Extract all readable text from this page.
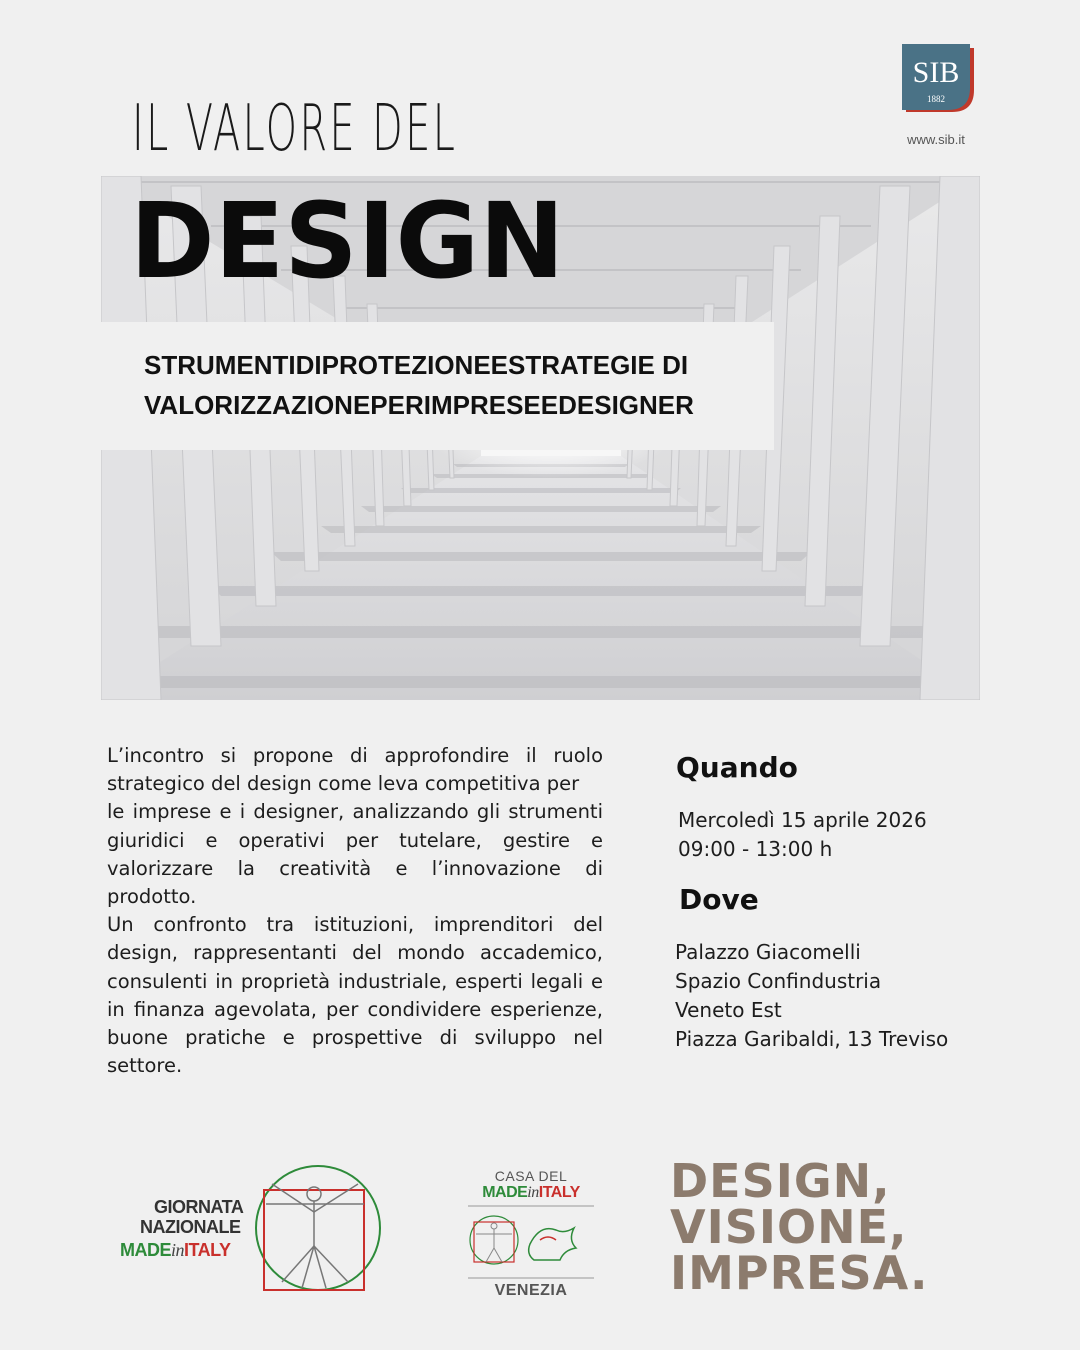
IL VALORE DEL
SIB
1882
www.sib.it
DESIGN

STRUMENTIDIPROTEZIONEESTRATEGIE DI

VALORIZZAZIONEPERIMPRESEEDESIGNER

L’incontro si propone di approfondire il ruolo strategico del design come leva competitiva per

le imprese e i designer, analizzando gli strumenti giuridici e operativi per tutelare, gestire e valorizzare la creatività e l’innovazione di prodotto.

Un confronto tra istituzioni, imprenditori del design, rappresentanti del mondo accademico, consulenti in proprietà industriale, esperti legali e in finanza agevolata, per condividere esperienze, buone pratiche e prospettive di sviluppo nel settore.

Quando

Mercoledì 15 aprile 2026

09:00 - 13:00 h

Dove

Palazzo Giacomelli

Spazio Confindustria

Veneto Est

Piazza Garibaldi, 13 Treviso

GIORNATA
NAZIONALE
MADEinITALY
CASA DEL
MADEinITALY
VENEZIA
DESIGN,
VISIONE,
IMPRESA.
